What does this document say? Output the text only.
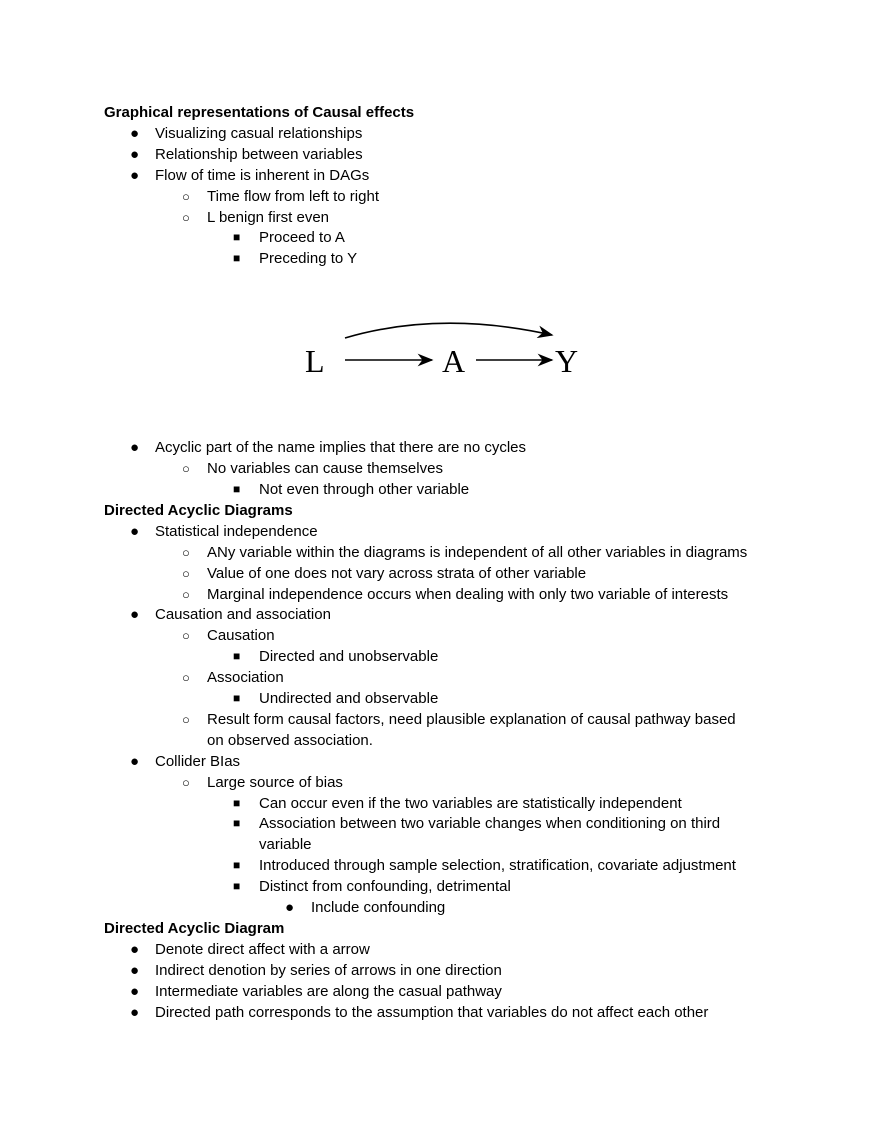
Graphical representations of Causal effects
● Visualizing casual relationships
● Relationship between variables
● Flow of time is inherent in DAGs
○ Time flow from left to right
○ L benign first even
■ Proceed to A
■ Preceding to Y
● Acyclic part of the name implies that there are no cycles
○ No variables can cause themselves
■ Not even through other variable
Directed Acyclic Diagrams
● Statistical independence
○ ANy variable within the diagrams is independent of all other variables in diagrams
○ Value of one does not vary across strata of other variable
○ Marginal independence occurs when dealing with only two variable of interests
● Causation and association
○ Causation
■ Directed and unobservable
○ Association
■ Undirected and observable
○ Result form causal factors, need plausible explanation of causal pathway based
on observed association.
● Collider BIas
○ Large source of bias
■ Can occur even if the two variables are statistically independent
■ Association between two variable changes when conditioning on third
variable
■ Introduced through sample selection, stratification, covariate adjustment
■ Distinct from confounding, detrimental
● Include confounding
Directed Acyclic Diagram
● Denote direct affect with a arrow
● Indirect denotion by series of arrows in one direction
● Intermediate variables are along the casual pathway
● Directed path corresponds to the assumption that variables do not affect each other
L	A	Y
